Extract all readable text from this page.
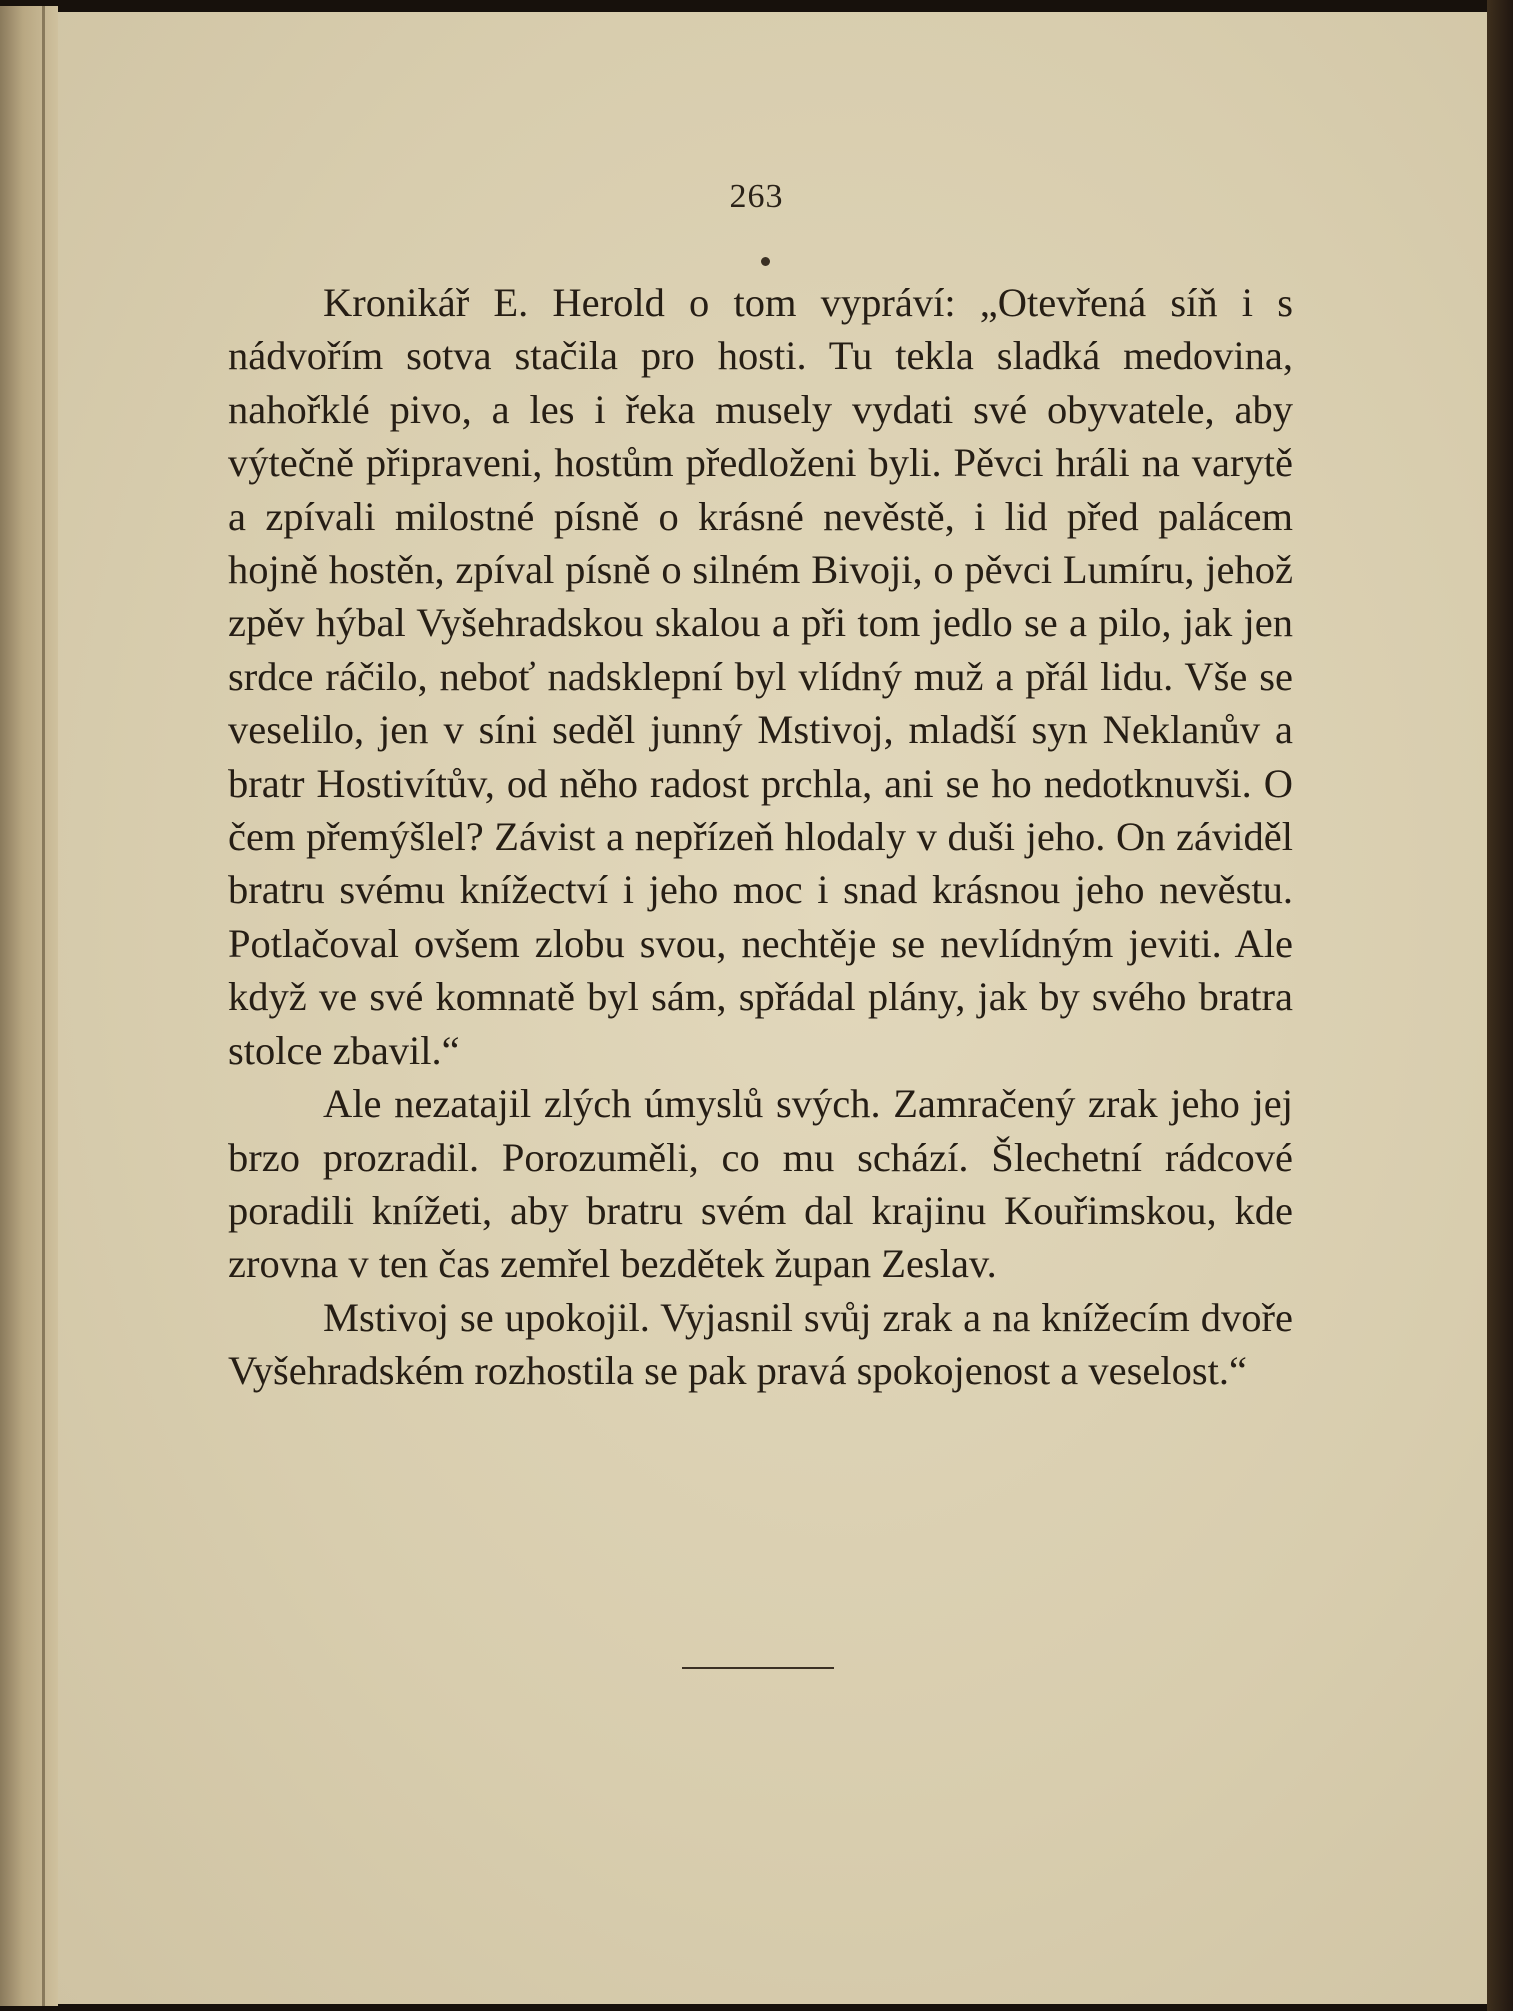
263

Kronikář E. Herold o tom vypráví: „Otevřená síň i s nádvořím sotva stačila pro hosti. Tu tekla sladká medovina, nahořklé pivo, a les i řeka musely vydati své obyvatele, aby výtečně připraveni, hostům předloženi byli. Pěvci hráli na varytě a zpívali milostné písně o krásné nevěstě, i lid před palácem hojně hostěn, zpíval písně o silném Bivoji, o pěvci Lumíru, jehož zpěv hýbal Vyšehradskou skalou a při tom jedlo se a pilo, jak jen srdce ráčilo, neboť nadsklepní byl vlídný muž a přál lidu. Vše se veselilo, jen v síni seděl junný Mstivoj, mladší syn Neklanův a bratr Hostivítův, od něho radost prchla, ani se ho nedotknuvši. O čem přemýšlel? Závist a nepřízeň hlodaly v duši jeho. On záviděl bratru svému knížectví i jeho moc i snad krásnou jeho nevěstu. Potlačoval ovšem zlobu svou, nechtěje se nevlídným jeviti. Ale když ve své komnatě byl sám, spřádal plány, jak by svého bratra stolce zbavil.“

Ale nezatajil zlých úmyslů svých. Zamračený zrak jeho jej brzo prozradil. Porozuměli, co mu schází. Šlechetní rádcové poradili knížeti, aby bratru svém dal krajinu Kouřimskou, kde zrovna v ten čas zemřel bezdětek župan Zeslav.

Mstivoj se upokojil. Vyjasnil svůj zrak a na knížecím dvoře Vyšehradském rozhostila se pak pravá spokojenost a veselost.“
